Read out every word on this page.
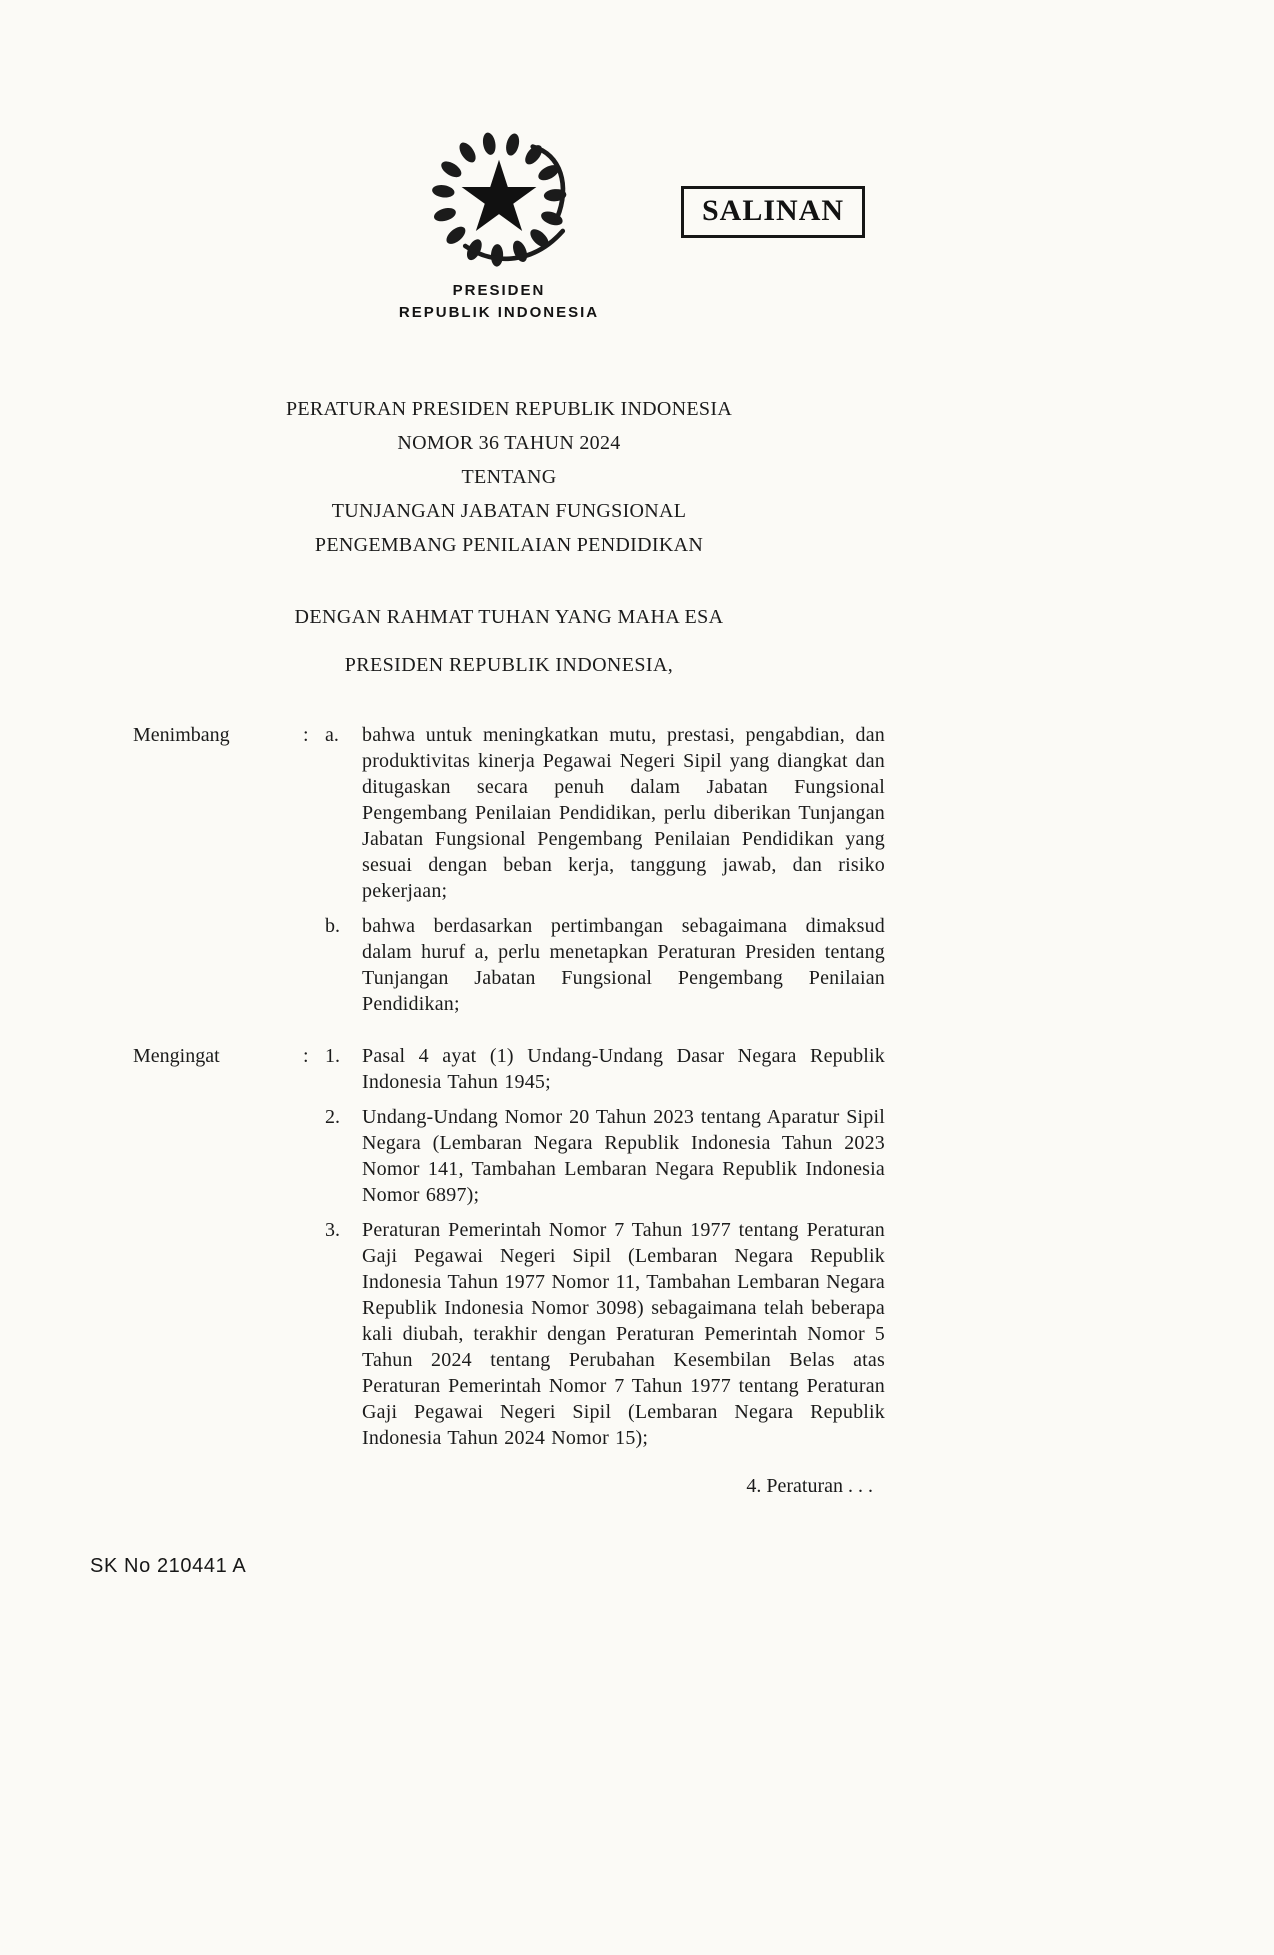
SALINAN
PRESIDEN
REPUBLIK INDONESIA
PERATURAN PRESIDEN REPUBLIK INDONESIA
NOMOR 36 TAHUN 2024
TENTANG
TUNJANGAN JABATAN FUNGSIONAL
PENGEMBANG PENILAIAN PENDIDIKAN
DENGAN RAHMAT TUHAN YANG MAHA ESA
PRESIDEN REPUBLIK INDONESIA,
Menimbang	: a.	bahwa untuk meningkatkan mutu, prestasi, pengabdian, dan produktivitas kinerja Pegawai Negeri Sipil yang diangkat dan ditugaskan secara penuh dalam Jabatan Fungsional Pengembang Penilaian Pendidikan, perlu diberikan Tunjangan Jabatan Fungsional Pengembang Penilaian Pendidikan yang sesuai dengan beban kerja, tanggung jawab, dan risiko pekerjaan;
b.	bahwa berdasarkan pertimbangan sebagaimana dimaksud dalam huruf a, perlu menetapkan Peraturan Presiden tentang Tunjangan Jabatan Fungsional Pengembang Penilaian Pendidikan;
Mengingat	: 1.	Pasal 4 ayat (1) Undang-Undang Dasar Negara Republik Indonesia Tahun 1945;
2.	Undang-Undang Nomor 20 Tahun 2023 tentang Aparatur Sipil Negara (Lembaran Negara Republik Indonesia Tahun 2023 Nomor 141, Tambahan Lembaran Negara Republik Indonesia Nomor 6897);
3.	Peraturan Pemerintah Nomor 7 Tahun 1977 tentang Peraturan Gaji Pegawai Negeri Sipil (Lembaran Negara Republik Indonesia Tahun 1977 Nomor 11, Tambahan Lembaran Negara Republik Indonesia Nomor 3098) sebagaimana telah beberapa kali diubah, terakhir dengan Peraturan Pemerintah Nomor 5 Tahun 2024 tentang Perubahan Kesembilan Belas atas Peraturan Pemerintah Nomor 7 Tahun 1977 tentang Peraturan Gaji Pegawai Negeri Sipil (Lembaran Negara Republik Indonesia Tahun 2024 Nomor 15);
4. Peraturan . . .
SK No 210441 A
